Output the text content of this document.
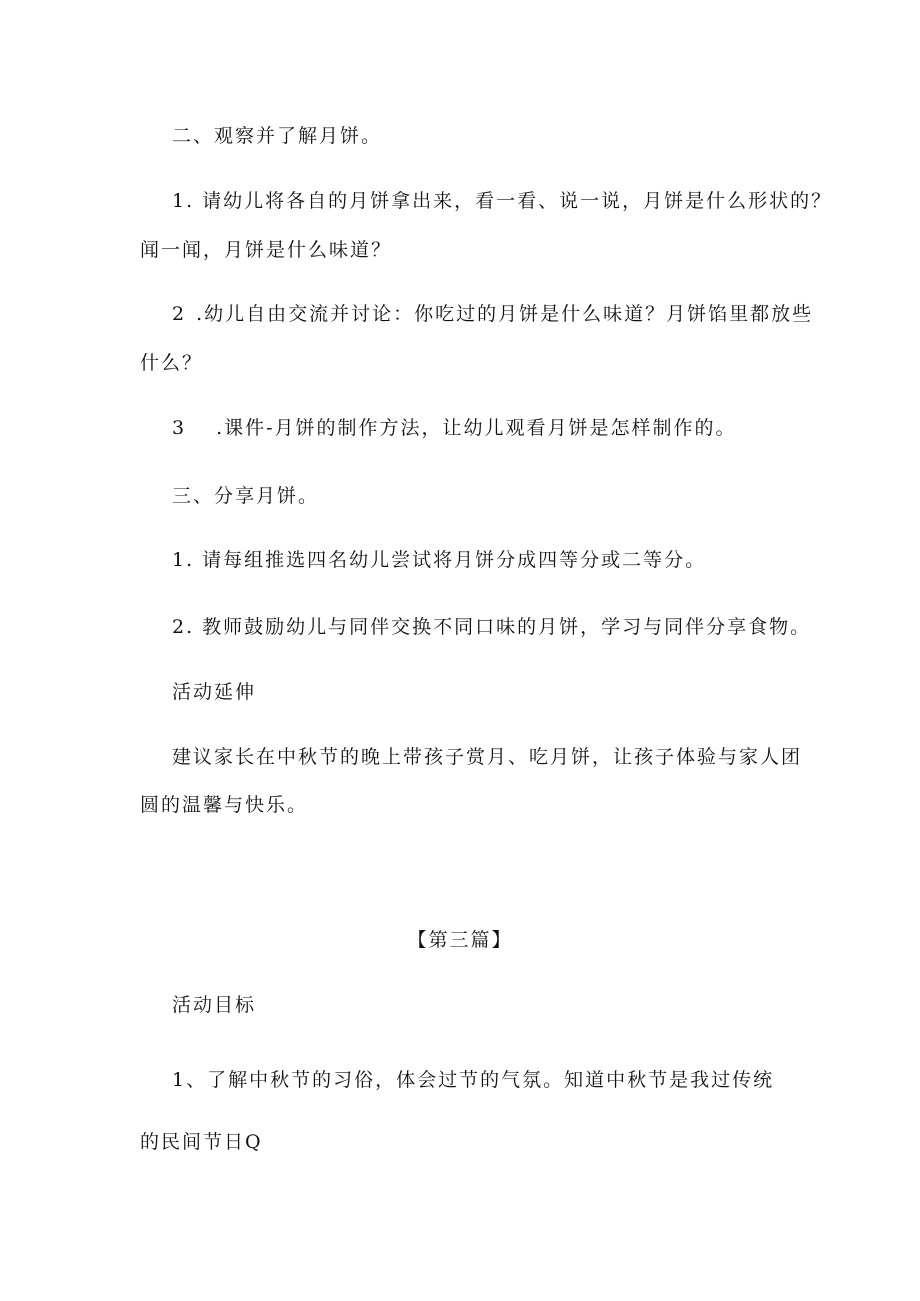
二、观察并了解月饼。
1. 请幼儿将各自的月饼拿出来，看一看、说一说，月饼是什么形状的？
闻一闻，月饼是什么味道？
2 .幼儿自由交流并讨论：你吃过的月饼是什么味道？月饼馅里都放些
什么？
3 .课件-月饼的制作方法，让幼儿观看月饼是怎样制作的。
三、分享月饼。
1. 请每组推选四名幼儿尝试将月饼分成四等分或二等分。
2. 教师鼓励幼儿与同伴交换不同口味的月饼，学习与同伴分享食物。
活动延伸
建议家长在中秋节的晚上带孩子赏月、吃月饼，让孩子体验与家人团
圆的温馨与快乐。
【第三篇】
活动目标
1、了解中秋节的习俗，体会过节的气氛。知道中秋节是我过传统
的民间节日Q
